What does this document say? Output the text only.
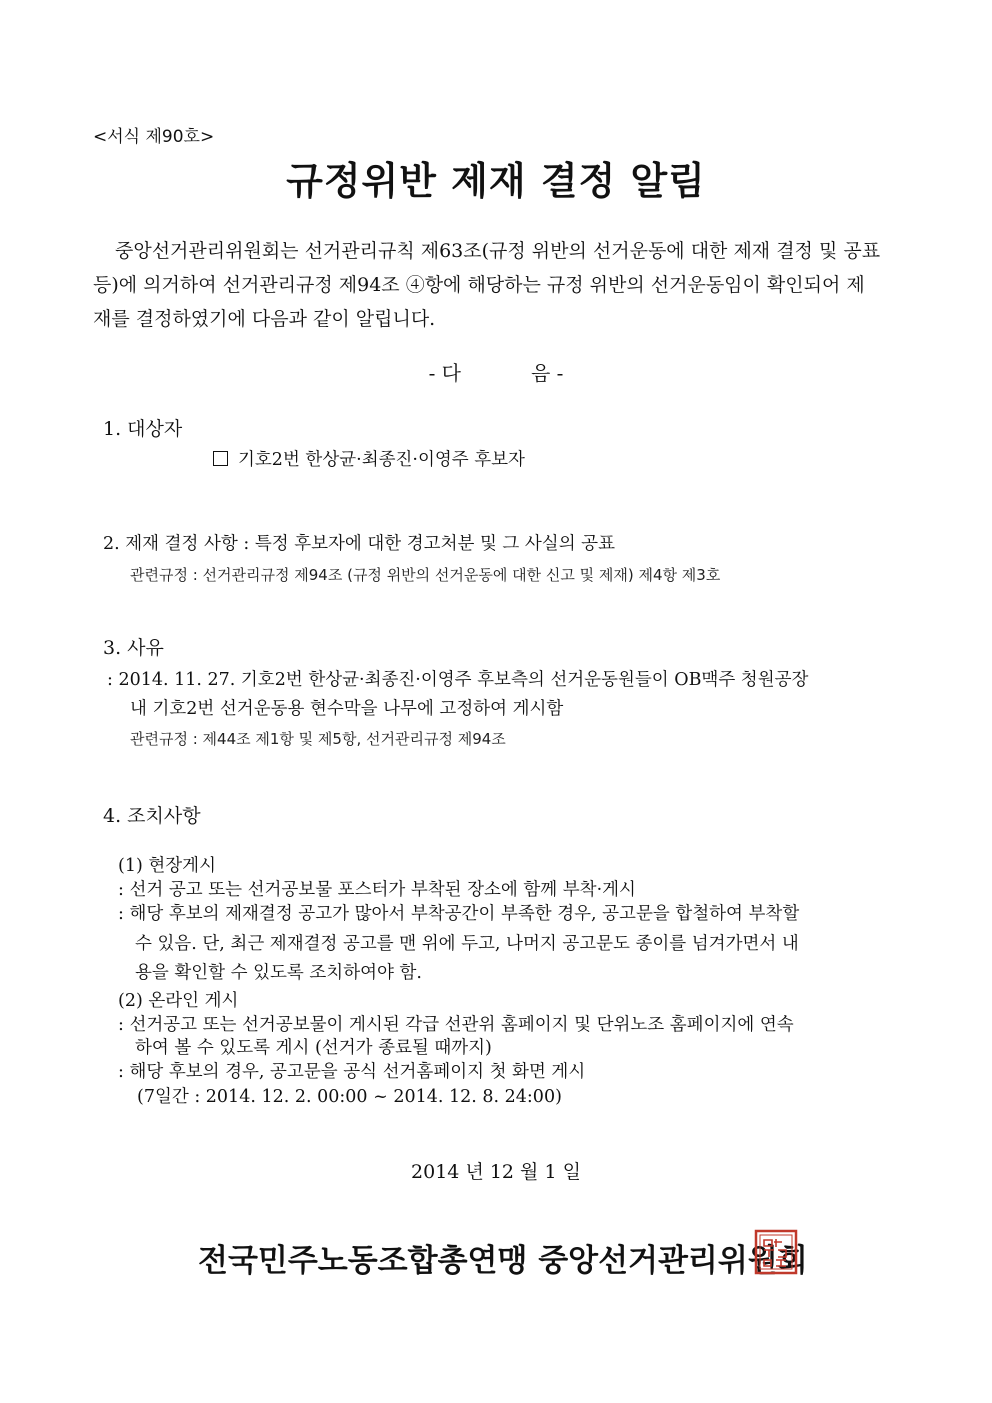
<서식 제90호>
규정위반 제재 결정 알림

중앙선거관리위원회는 선거관리규칙 제63조(규정 위반의 선거운동에 대한 제재 결정 및 공표

등)에 의거하여 선거관리규정 제94조 ④항에 해당하는 규정 위반의 선거운동임이 확인되어 제

재를 결정하였기에 다음과 같이 알립니다.

- 다	음 -
1. 대상자
기호2번 한상균·최종진·이영주 후보자
2. 제재 결정 사항 : 특정 후보자에 대한 경고처분 및 그 사실의 공표
관련규정 : 선거관리규정 제94조 (규정 위반의 선거운동에 대한 신고 및 제재) 제4항 제3호
3. 사유
: 2014. 11. 27. 기호2번 한상균·최종진·이영주 후보측의 선거운동원들이 OB맥주 청원공장
내 기호2번 선거운동용 현수막을 나무에 고정하여 게시함
관련규정 : 제44조 제1항 및 제5항, 선거관리규정 제94조
4. 조치사항
(1) 현장게시
: 선거 공고 또는 선거공보물 포스터가 부착된 장소에 함께 부착·게시
: 해당 후보의 제재결정 공고가 많아서 부착공간이 부족한 경우, 공고문을 합철하여 부착할
수 있음. 단, 최근 제재결정 공고를 맨 위에 두고, 나머지 공고문도 종이를 넘겨가면서 내
용을 확인할 수 있도록 조치하여야 함.
(2) 온라인 게시
: 선거공고 또는 선거공보물이 게시된 각급 선관위 홈페이지 및 단위노조 홈페이지에 연속
하여 볼 수 있도록 게시 (선거가 종료될 때까지)
: 해당 후보의 경우, 공고문을 공식 선거홈페이지 첫 화면 게시
(7일간 : 2014. 12. 2. 00:00 ~ 2014. 12. 8. 24:00)
2014 년 12 월 1 일
전국민주노동조합총연맹 중앙선거관리위원회
